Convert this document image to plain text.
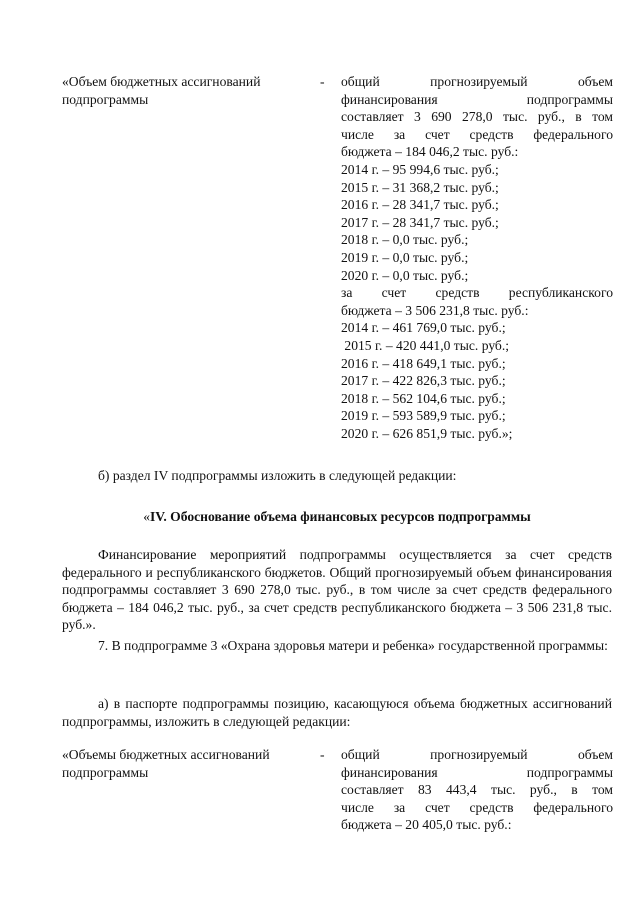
«Объем бюджетных ассигнований подпрограммы
- общий прогнозируемый объем
финансирования подпрограммы
составляет 3 690 278,0 тыс. руб., в том
числе за счет средств федерального
бюджета – 184 046,2 тыс. руб.:
2014 г. – 95 994,6 тыс. руб.;
2015 г. – 31 368,2 тыс. руб.;
2016 г. – 28 341,7 тыс. руб.;
2017 г. – 28 341,7 тыс. руб.;
2018 г. – 0,0 тыс. руб.;
2019 г. – 0,0 тыс. руб.;
2020 г. – 0,0 тыс. руб.;
за счет средств республиканского
бюджета – 3 506 231,8 тыс. руб.:
2014 г. – 461 769,0 тыс. руб.;
2015 г. – 420 441,0 тыс. руб.;
2016 г. – 418 649,1 тыс. руб.;
2017 г. – 422 826,3 тыс. руб.;
2018 г. – 562 104,6 тыс. руб.;
2019 г. – 593 589,9 тыс. руб.;
2020 г. – 626 851,9 тыс. руб.»;
б) раздел IV подпрограммы изложить в следующей редакции:
«IV. Обоснование объема финансовых ресурсов подпрограммы
Финансирование мероприятий подпрограммы осуществляется за счет средств федерального и республиканского бюджетов. Общий прогнозируемый объем финансирования подпрограммы составляет 3 690 278,0 тыс. руб., в том числе за счет средств федерального бюджета – 184 046,2 тыс. руб., за счет средств республиканского бюджета – 3 506 231,8 тыс. руб.».
7. В подпрограмме 3 «Охрана здоровья матери и ребенка» государственной программы:
а) в паспорте подпрограммы позицию, касающуюся объема бюджетных ассигнований подпрограммы, изложить в следующей редакции:
«Объемы бюджетных ассигнований подпрограммы
- общий прогнозируемый объем
финансирования подпрограммы
составляет 83 443,4 тыс. руб., в том
числе за счет средств федерального
бюджета – 20 405,0 тыс. руб.:
